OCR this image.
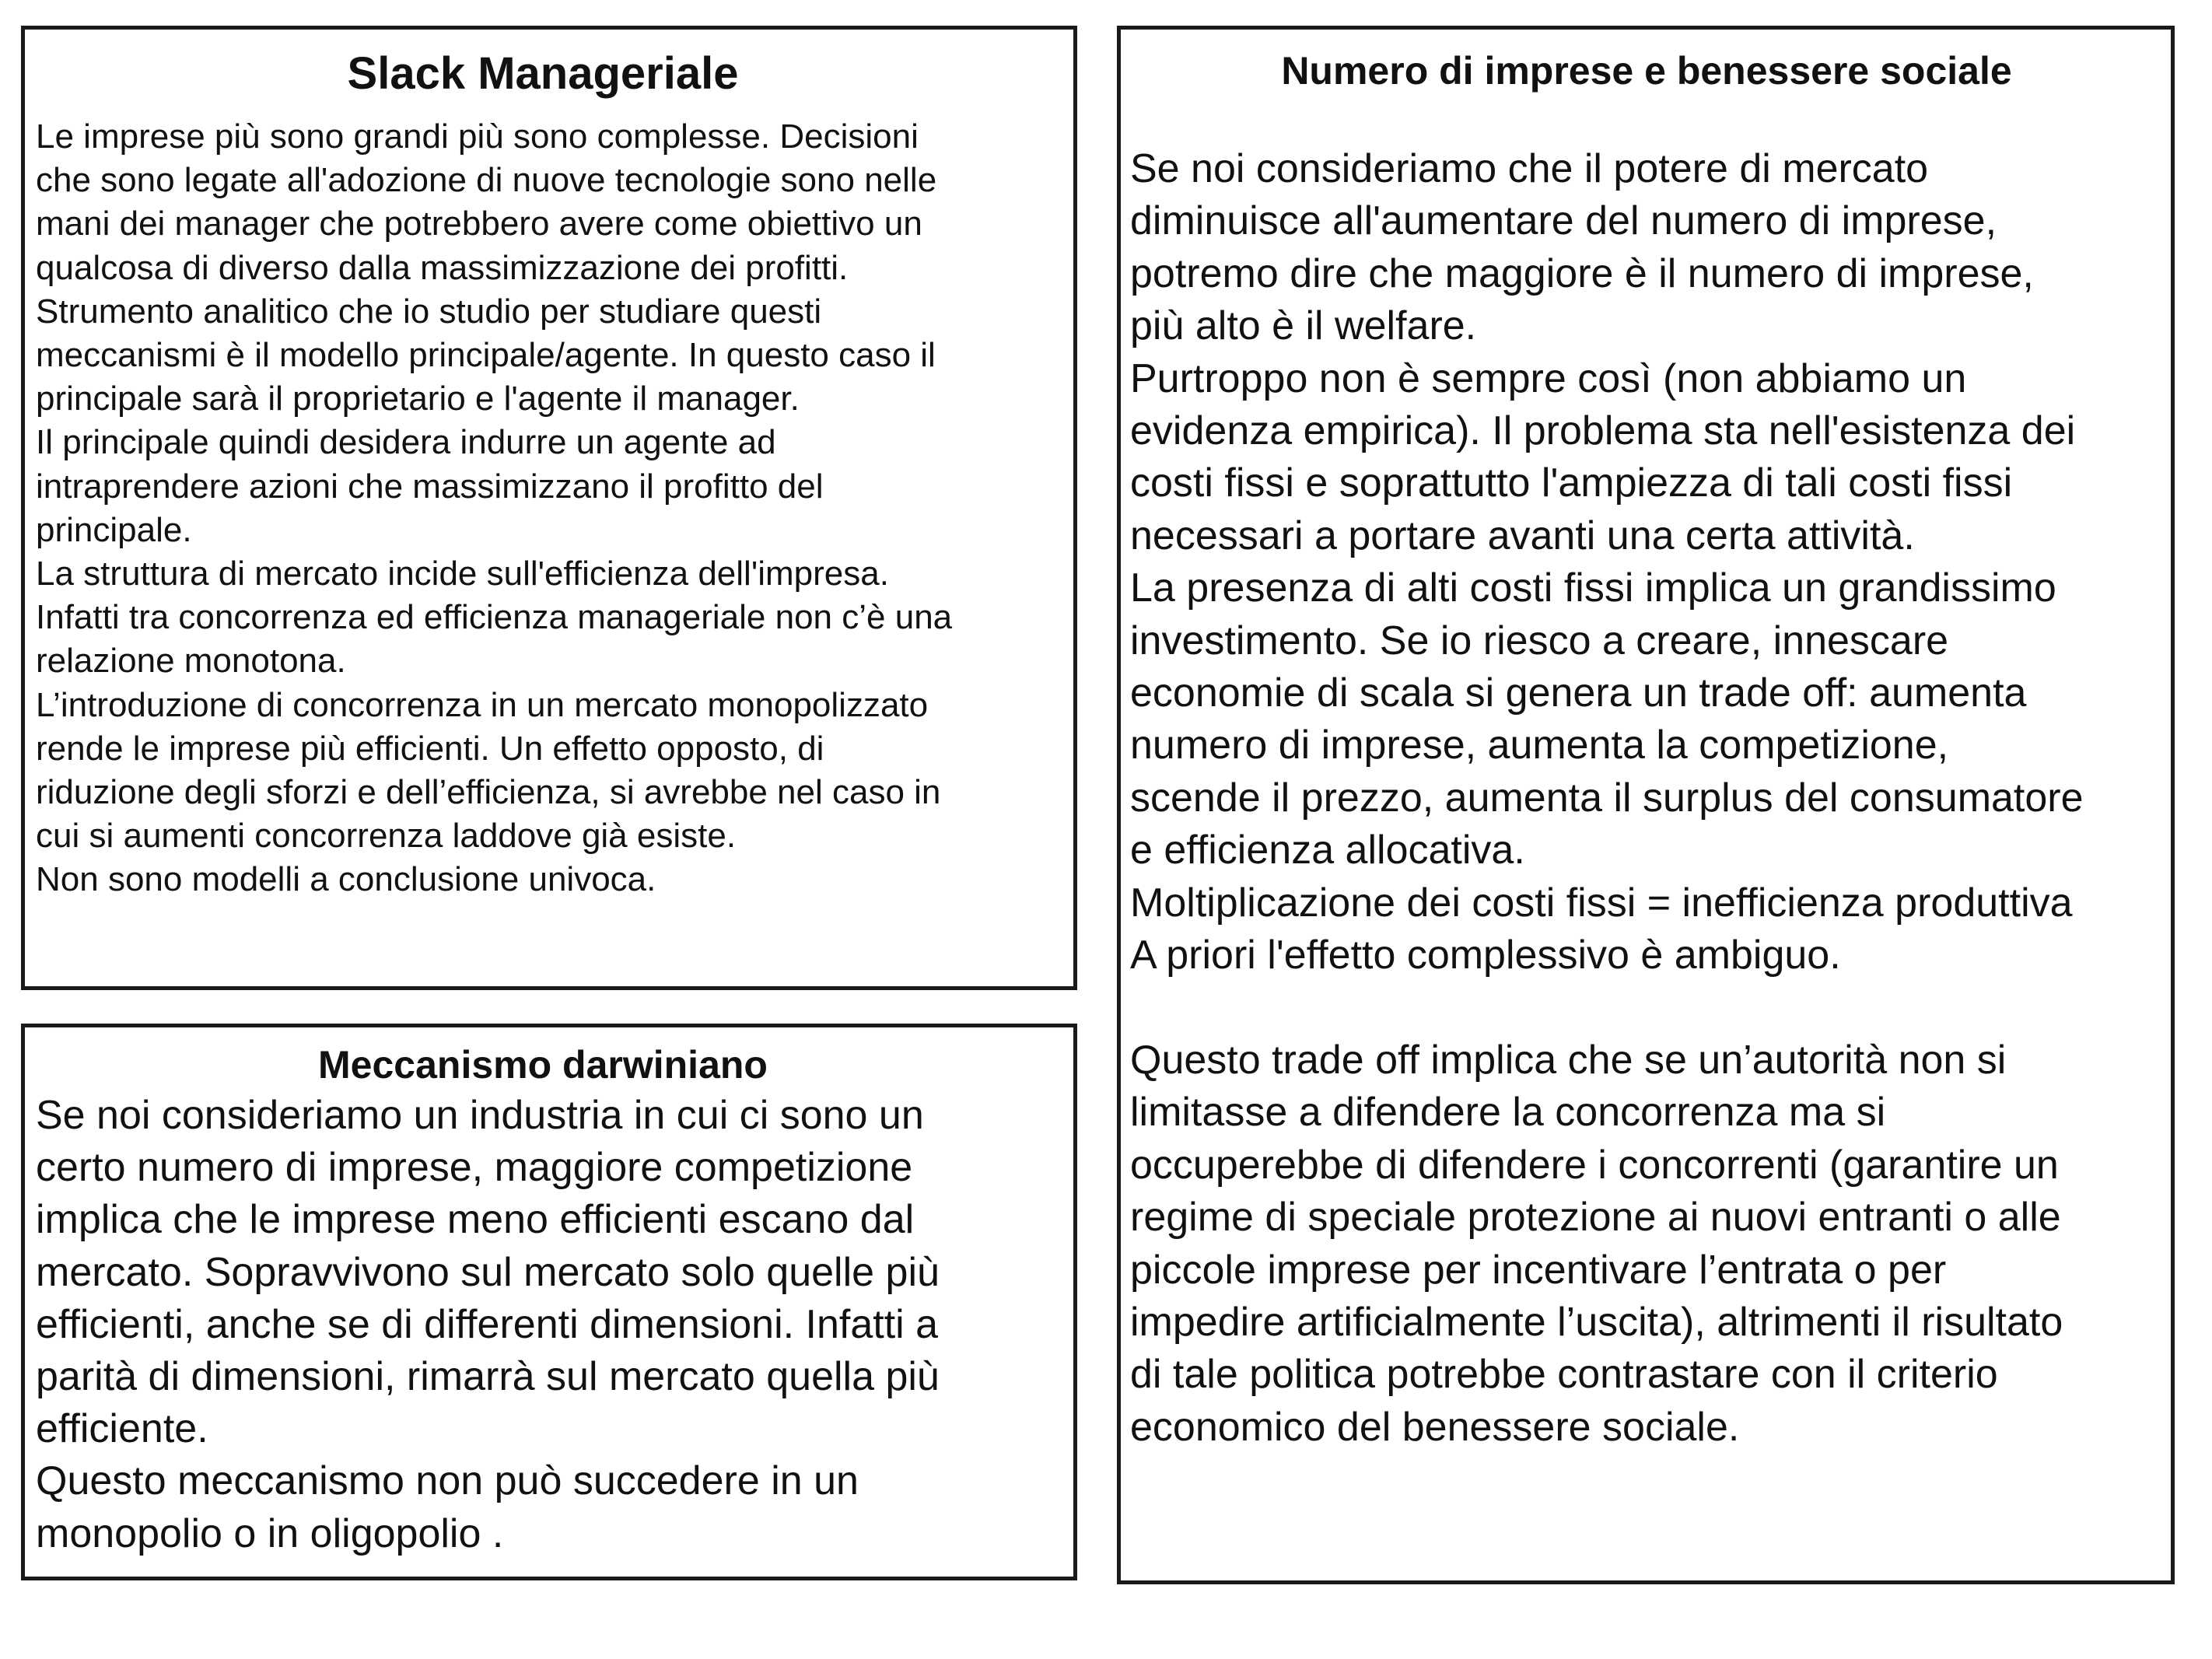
Slack Manageriale
Le imprese più sono grandi più sono complesse. Decisioni
che sono legate all'adozione di nuove tecnologie sono nelle
mani dei manager che potrebbero avere come obiettivo un
qualcosa di diverso dalla massimizzazione dei profitti.
Strumento analitico che io studio per studiare questi
meccanismi è il modello principale/agente. In questo caso il
principale sarà il proprietario e l'agente il manager.
Il principale quindi desidera indurre un agente ad
intraprendere azioni che massimizzano il profitto del
principale.
La struttura di mercato incide sull'efficienza dell'impresa.
Infatti tra concorrenza ed efficienza manageriale non c’è una
relazione monotona.
L’introduzione di concorrenza in un mercato monopolizzato
rende le imprese più efficienti. Un effetto opposto, di
riduzione degli sforzi e dell’efficienza, si avrebbe nel caso in
cui si aumenti concorrenza laddove già esiste.
Non sono modelli a conclusione univoca.
Meccanismo darwiniano
Se noi consideriamo un industria in cui ci sono un
certo numero di imprese, maggiore competizione
implica che le imprese meno efficienti escano dal
mercato. Sopravvivono sul mercato solo quelle più
efficienti, anche se di differenti dimensioni. Infatti a
parità di dimensioni, rimarrà sul mercato quella più
efficiente.
Questo meccanismo non può succedere in un
monopolio o in oligopolio .
Numero di imprese e benessere sociale
Se noi consideriamo che il potere di mercato
diminuisce all'aumentare del numero di imprese,
potremo dire che maggiore è il numero di imprese,
più alto è il welfare.
Purtroppo non è sempre così (non abbiamo un
evidenza empirica). Il problema sta nell'esistenza dei
costi fissi e soprattutto l'ampiezza di tali costi fissi
necessari a portare avanti una certa attività.
La presenza di alti costi fissi implica un grandissimo
investimento. Se io riesco a creare, innescare
economie di scala si genera un trade off: aumenta
numero di imprese, aumenta la competizione,
scende il prezzo, aumenta il surplus del consumatore
e efficienza allocativa.
Moltiplicazione dei costi fissi = inefficienza produttiva
A priori l'effetto complessivo è ambiguo.
Questo trade off implica che se un’autorità non si
limitasse a difendere la concorrenza ma si
occuperebbe di difendere i concorrenti (garantire un
regime di speciale protezione ai nuovi entranti o alle
piccole imprese per incentivare l’entrata o per
impedire artificialmente l’uscita), altrimenti il risultato
di tale politica potrebbe contrastare con il criterio
economico del benessere sociale.
